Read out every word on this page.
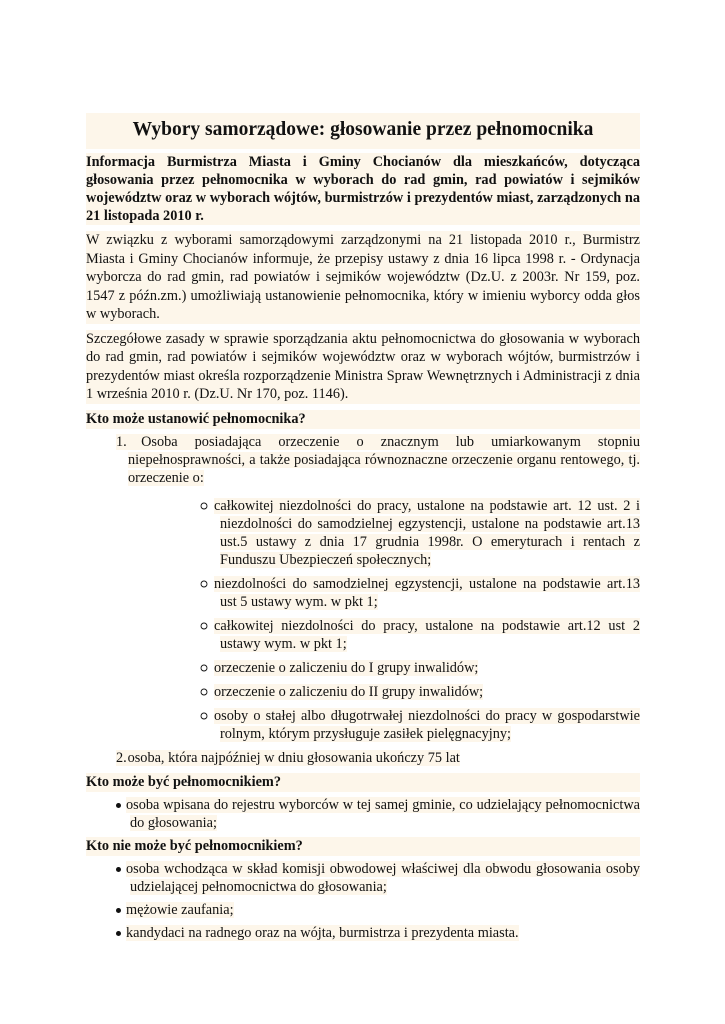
Wybory samorządowe: głosowanie przez pełnomocnika

Informacja Burmistrza Miasta i Gminy Chocianów dla mieszkańców, dotycząca głosowania przez pełnomocnika w wyborach do rad gmin, rad powiatów i sejmików województw oraz w wyborach wójtów, burmistrzów i prezydentów miast, zarządzonych na 21 listopada 2010 r.

W związku z wyborami samorządowymi zarządzonymi na 21 listopada 2010 r., Burmistrz Miasta i Gminy Chocianów informuje, że przepisy ustawy z dnia 16 lipca 1998 r. - Ordynacja wyborcza do rad gmin, rad powiatów i sejmików województw (Dz.U. z 2003r. Nr 159, poz. 1547 z późn.zm.) umożliwiają ustanowienie pełnomocnika, który w imieniu wyborcy odda głos w wyborach.

Szczegółowe zasady w sprawie sporządzania aktu pełnomocnictwa do głosowania w wyborach do rad gmin, rad powiatów i sejmików województw oraz w wyborach wójtów, burmistrzów i prezydentów miast określa rozporządzenie Ministra Spraw Wewnętrznych i Administracji z dnia 1 września 2010 r. (Dz.U. Nr 170, poz. 1146).

Kto może ustanowić pełnomocnika?
1. Osoba posiadająca orzeczenie o znacznym lub umiarkowanym stopniu niepełnosprawności, a także posiadająca równoznaczne orzeczenie organu rentowego, tj. orzeczenie o:
całkowitej niezdolności do pracy, ustalone na podstawie art. 12 ust. 2 i niezdolności do samodzielnej egzystencji, ustalone na podstawie art.13 ust.5 ustawy z dnia 17 grudnia 1998r. O emeryturach i rentach z Funduszu Ubezpieczeń społecznych;
niezdolności do samodzielnej egzystencji, ustalone na podstawie art.13 ust 5 ustawy wym. w pkt 1;
całkowitej niezdolności do pracy, ustalone na podstawie art.12 ust 2 ustawy wym. w pkt 1;
orzeczenie o zaliczeniu do I grupy inwalidów;
orzeczenie o zaliczeniu do II grupy inwalidów;
osoby o stałej albo długotrwałej niezdolności do pracy w gospodarstwie rolnym, którym przysługuje zasiłek pielęgnacyjny;
2. osoba, która najpóźniej w dniu głosowania ukończy 75 lat
Kto może być pełnomocnikiem?
osoba wpisana do rejestru wyborców w tej samej gminie, co udzielający pełnomocnictwa do głosowania;
Kto nie może być pełnomocnikiem?
osoba wchodząca w skład komisji obwodowej właściwej dla obwodu głosowania osoby udzielającej pełnomocnictwa do głosowania;
mężowie zaufania;
kandydaci na radnego oraz na wójta, burmistrza i prezydenta miasta.
